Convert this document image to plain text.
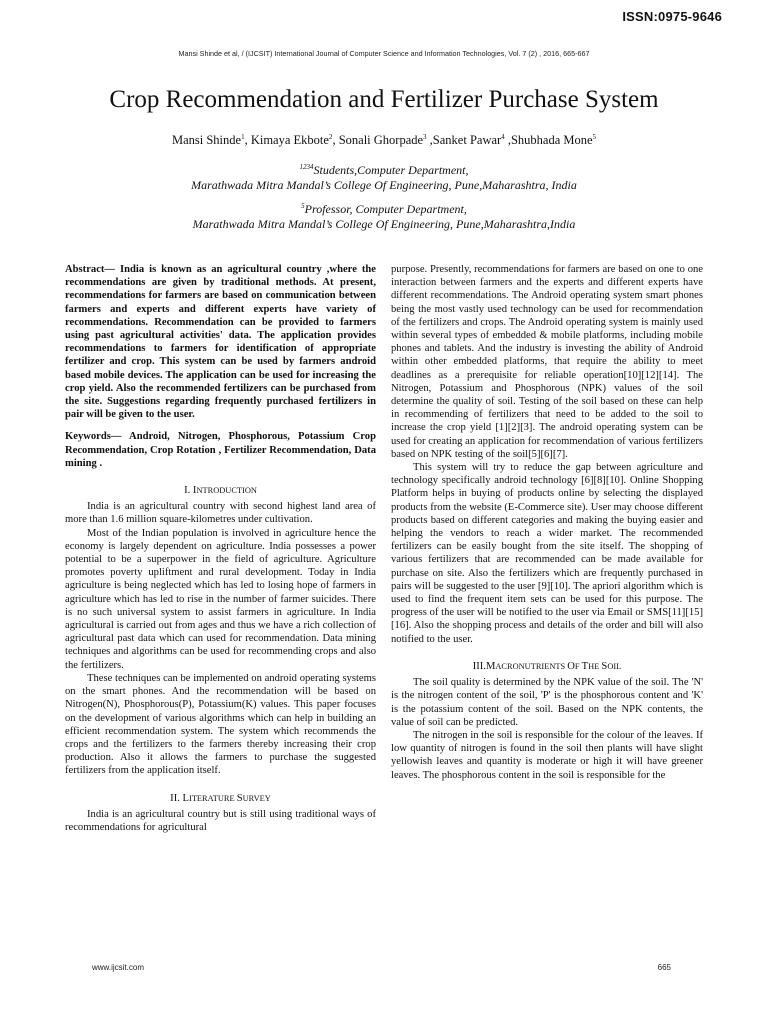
ISSN:0975-9646
Mansi Shinde et al, / (IJCSIT) International Journal of Computer Science and Information Technologies, Vol. 7 (2) , 2016, 665-667
Crop Recommendation and Fertilizer Purchase System
Mansi Shinde$^1$, Kimaya Ekbote$^2$, Sonali Ghorpade$^3$ ,Sanket Pawar$^4$ ,Shubhada Mone$^5$
$^{1234}$Students,Computer Department,
Marathwada Mitra Mandal’s College Of Engineering, Pune,Maharashtra, India
$^5$Professor, Computer Department,
Marathwada Mitra Mandal’s College Of Engineering, Pune,Maharashtra,India

Abstract— India is known as an agricultural country ,where the recommendations are given by traditional methods. At present, recommendations for farmers are based on communication between farmers and experts and different experts have variety of recommendations. Recommendation can be provided to farmers using past agricultural activities' data. The application provides recommendations to farmers for identification of appropriate fertilizer and crop. This system can be used by farmers android based mobile devices. The application can be used for increasing the crop yield. Also the recommended fertilizers can be purchased from the site. Suggestions regarding frequently purchased fertilizers in pair will be given to the user.

Keywords— Android, Nitrogen, Phosphorous, Potassium Crop Recommendation, Crop Rotation , Fertilizer Recommendation, Data mining .

I. INTRODUCTION

India is an agricultural country with second highest land area of more than 1.6 million square-kilometres under cultivation.

Most of the Indian population is involved in agriculture hence the economy is largely dependent on agriculture. India possesses a power potential to be a superpower in the field of agriculture. Agriculture promotes poverty upliftment and rural development. Today in India agriculture is being neglected which has led to losing hope of farmers in agriculture which has led to rise in the number of farmer suicides. There is no such universal system to assist farmers in agriculture. In India agricultural is carried out from ages and thus we have a rich collection of agricultural past data which can used for recommendation. Data mining techniques and algorithms can be used for recommending crops and also the fertilizers.

These techniques can be implemented on android operating systems on the smart phones. And the recommendation will be based on Nitrogen(N), Phosphorous(P), Potassium(K) values. This paper focuses on the development of various algorithms which can help in building an efficient recommendation system. The system which recommends the crops and the fertilizers to the farmers thereby increasing their crop production. Also it allows the farmers to purchase the suggested fertilizers from the application itself.

II. LITERATURE SURVEY

India is an agricultural country but is still using traditional ways of recommendations for agricultural

purpose. Presently, recommendations for farmers are based on one to one interaction between farmers and the experts and different experts have different recommendations. The Android operating system smart phones being the most vastly used technology can be used for recommendation of the fertilizers and crops. The Android operating system is mainly used within several types of embedded & mobile platforms, including mobile phones and tablets. And the industry is investing the ability of Android within other embedded platforms, that require the ability to meet deadlines as a prerequisite for reliable operation[10][12][14]. The Nitrogen, Potassium and Phosphorous (NPK) values of the soil determine the quality of soil. Testing of the soil based on these can help in recommending of fertilizers that need to be added to the soil to increase the crop yield [1][2][3]. The android operating system can be used for creating an application for recommendation of various fertilizers based on NPK testing of the soil[5][6][7].

This system will try to reduce the gap between agriculture and technology specifically android technology [6][8][10]. Online Shopping Platform helps in buying of products online by selecting the displayed products from the website (E-Commerce site). User may choose different products based on different categories and making the buying easier and helping the vendors to reach a wider market. The recommended fertilizers can be easily bought from the site itself. The shopping of various fertilizers that are recommended can be made available for purchase on site. Also the fertilizers which are frequently purchased in pairs will be suggested to the user [9][10]. The apriori algorithm which is used to find the frequent item sets can be used for this purpose. The progress of the user will be notified to the user via Email or SMS[11][15][16]. Also the shopping process and details of the order and bill will also notified to the user.

III.MACRONUTRIENTS OF THE SOIL

The soil quality is determined by the NPK value of the soil. The 'N' is the nitrogen content of the soil, 'P' is the phosphorous content and 'K' is the potassium content of the soil. Based on the NPK contents, the value of soil can be predicted.

The nitrogen in the soil is responsible for the colour of the leaves. If low quantity of nitrogen is found in the soil then plants will have slight yellowish leaves and quantity is moderate or high it will have greener leaves. The phosphorous content in the soil is responsible for the

www.ijcsit.com	665
